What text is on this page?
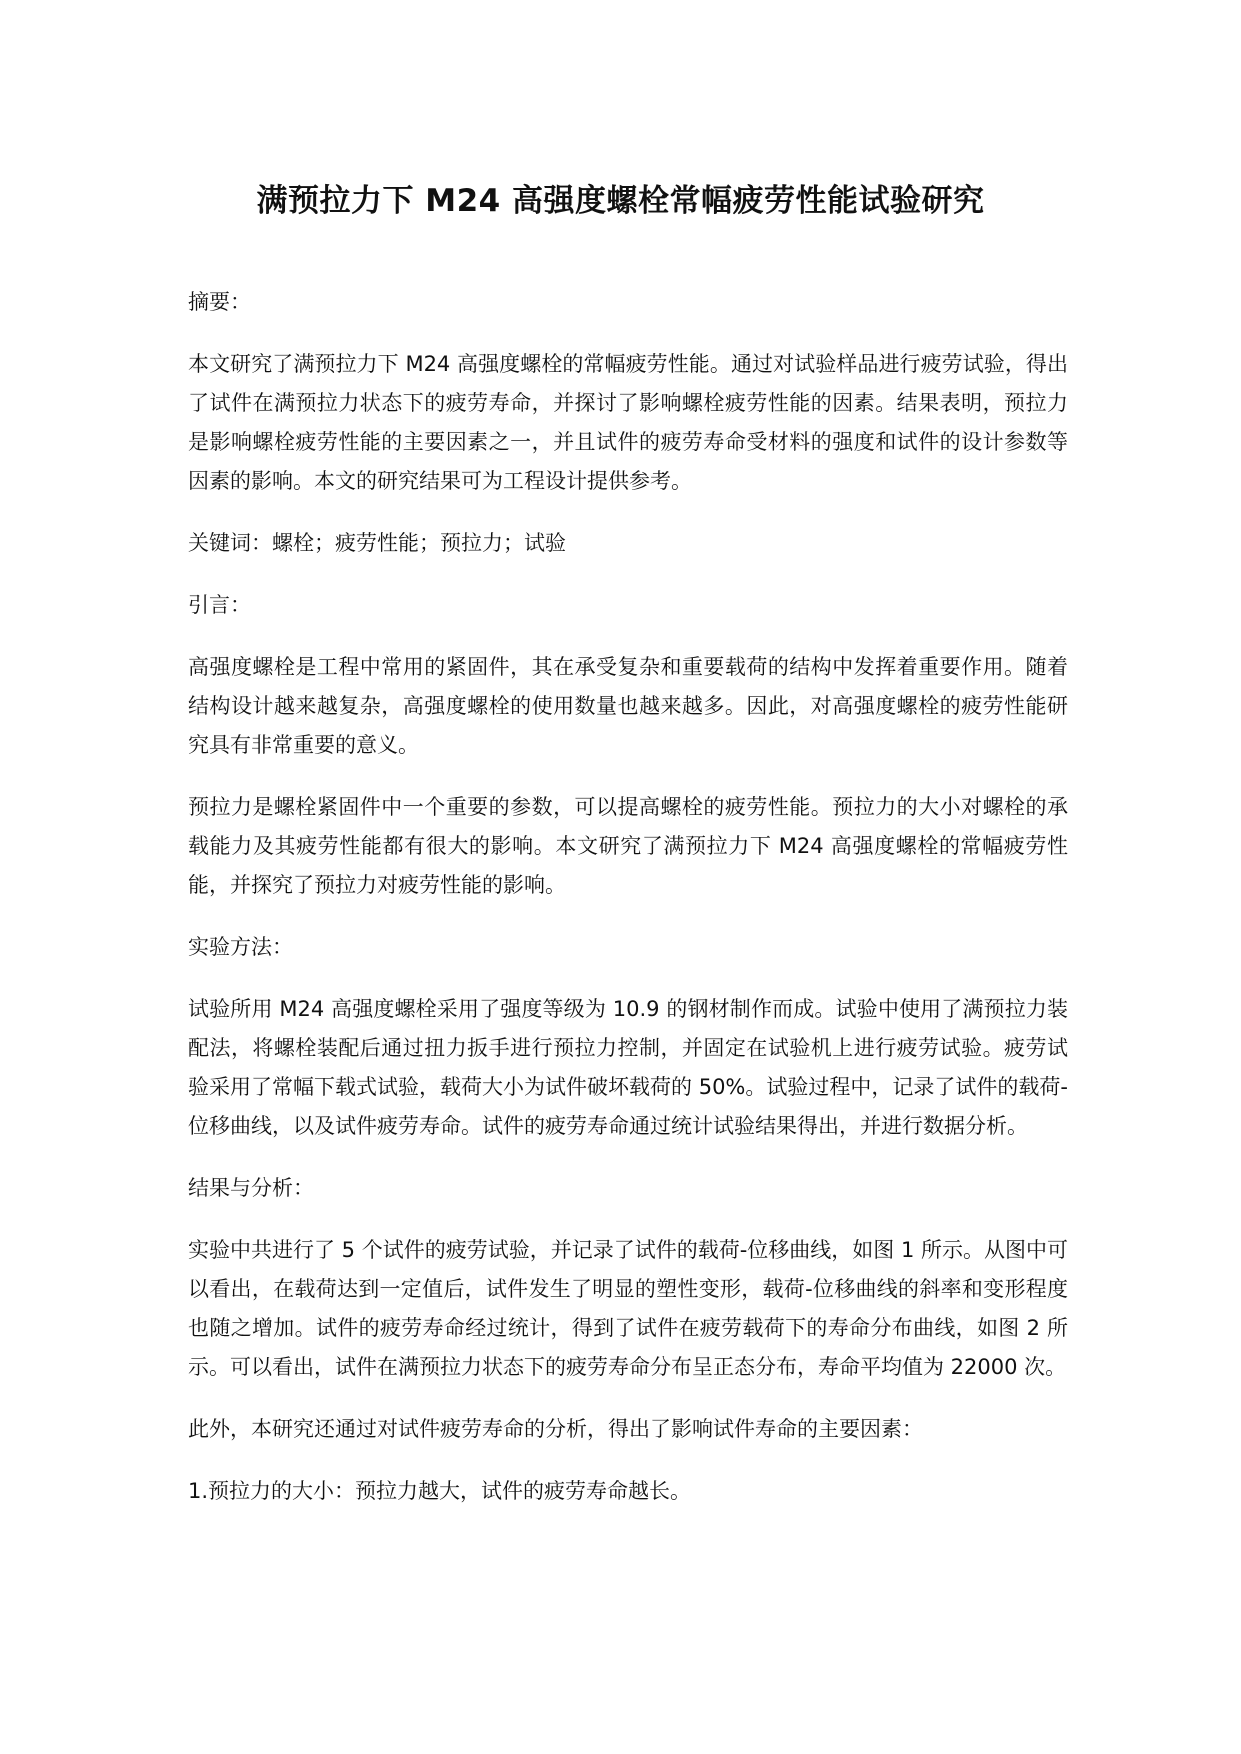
满预拉力下 M24 高强度螺栓常幅疲劳性能试验研究

摘要：

本文研究了满预拉力下 M24 高强度螺栓的常幅疲劳性能。通过对试验样品进行疲劳试验，得出了试件在满预拉力状态下的疲劳寿命，并探讨了影响螺栓疲劳性能的因素。结果表明，预拉力是影响螺栓疲劳性能的主要因素之一，并且试件的疲劳寿命受材料的强度和试件的设计参数等因素的影响。本文的研究结果可为工程设计提供参考。

关键词：螺栓；疲劳性能；预拉力；试验

引言：

高强度螺栓是工程中常用的紧固件，其在承受复杂和重要载荷的结构中发挥着重要作用。随着结构设计越来越复杂，高强度螺栓的使用数量也越来越多。因此，对高强度螺栓的疲劳性能研究具有非常重要的意义。

预拉力是螺栓紧固件中一个重要的参数，可以提高螺栓的疲劳性能。预拉力的大小对螺栓的承载能力及其疲劳性能都有很大的影响。本文研究了满预拉力下 M24 高强度螺栓的常幅疲劳性能，并探究了预拉力对疲劳性能的影响。

实验方法：

试验所用 M24 高强度螺栓采用了强度等级为 10.9 的钢材制作而成。试验中使用了满预拉力装配法，将螺栓装配后通过扭力扳手进行预拉力控制，并固定在试验机上进行疲劳试验。疲劳试验采用了常幅下载式试验，载荷大小为试件破坏载荷的 50%。试验过程中，记录了试件的载荷-位移曲线，以及试件疲劳寿命。试件的疲劳寿命通过统计试验结果得出，并进行数据分析。

结果与分析：

实验中共进行了 5 个试件的疲劳试验，并记录了试件的载荷-位移曲线，如图 1 所示。从图中可以看出，在载荷达到一定值后，试件发生了明显的塑性变形，载荷-位移曲线的斜率和变形程度也随之增加。试件的疲劳寿命经过统计，得到了试件在疲劳载荷下的寿命分布曲线，如图 2 所示。可以看出，试件在满预拉力状态下的疲劳寿命分布呈正态分布，寿命平均值为 22000 次。

此外，本研究还通过对试件疲劳寿命的分析，得出了影响试件寿命的主要因素：

1.预拉力的大小：预拉力越大，试件的疲劳寿命越长。
